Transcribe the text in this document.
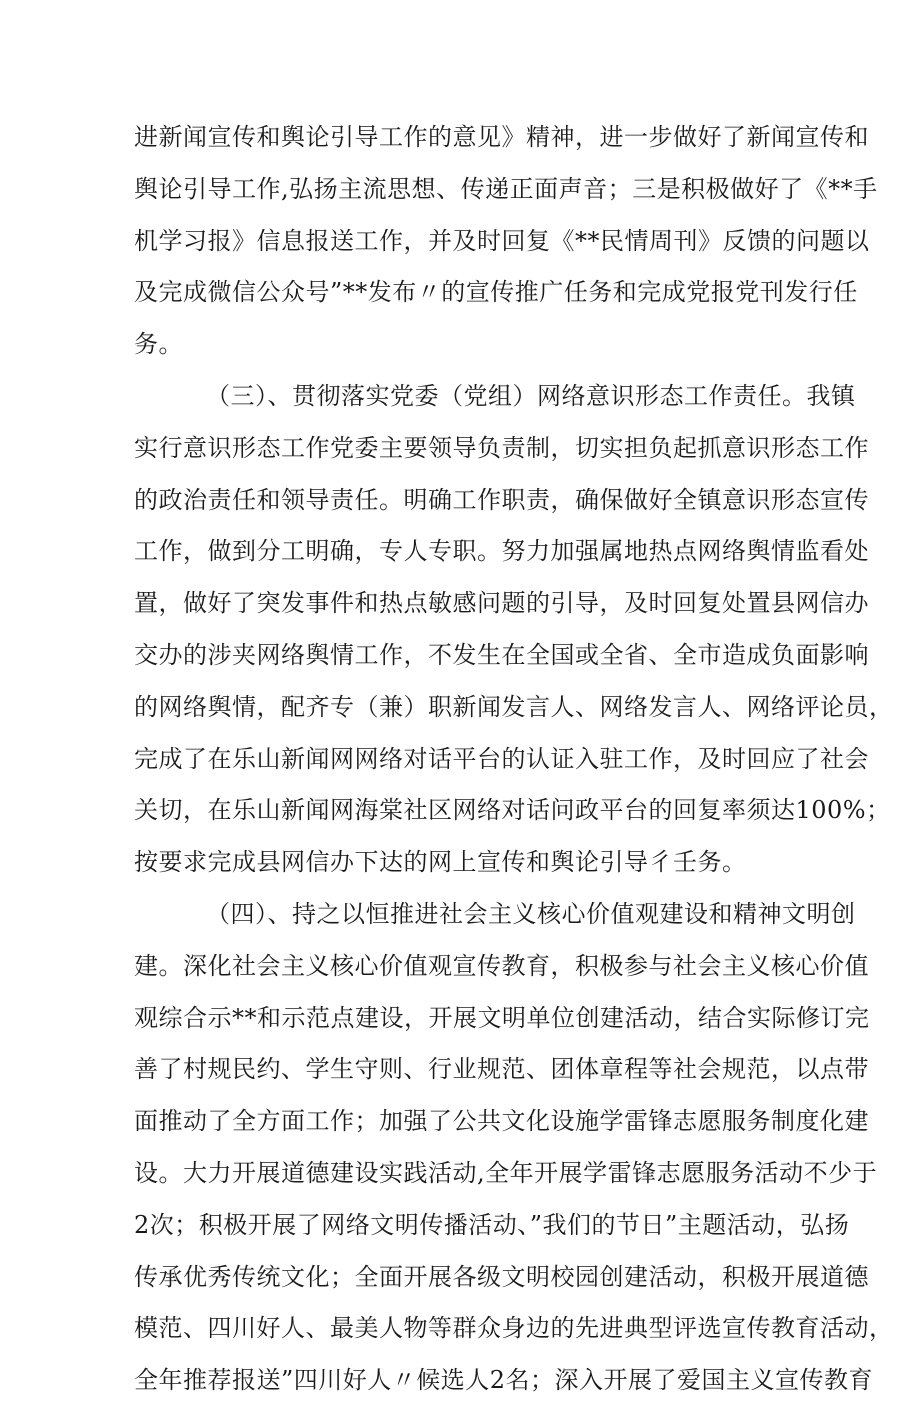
进新闻宣传和舆论引导工作的意见》精神，进一步做好了新闻宣传和
舆论引导工作,弘扬主流思想、传递正面声音；三是积极做好了《**手
机学习报》信息报送工作，并及时回复《**民情周刊》反馈的问题以
及完成微信公众号”**发布〃的宣传推广任务和完成党报党刊发行任
务。

（三）、贯彻落实党委（党组）网络意识形态工作责任。我镇
实行意识形态工作党委主要领导负责制，切实担负起抓意识形态工作
的政治责任和领导责任。明确工作职责，确保做好全镇意识形态宣传
工作，做到分工明确，专人专职。努力加强属地热点网络舆情监看处
置，做好了突发事件和热点敏感问题的引导，及时回复处置县网信办
交办的涉夹网络舆情工作，不发生在全国或全省、全市造成负面影响
的网络舆情，配齐专（兼）职新闻发言人、网络发言人、网络评论员，
完成了在乐山新闻网网络对话平台的认证入驻工作，及时回应了社会
关切，在乐山新闻网海棠社区网络对话问政平台的回复率须达100%；
按要求完成县网信办下达的网上宣传和舆论引导彳壬务。

（四）、持之以恒推进社会主义核心价值观建设和精神文明创
建。深化社会主义核心价值观宣传教育，积极参与社会主义核心价值
观综合示**和示范点建设，开展文明单位创建活动，结合实际修订完
善了村规民约、学生守则、行业规范、团体章程等社会规范，以点带
面推动了全方面工作；加强了公共文化设施学雷锋志愿服务制度化建
设。大力开展道德建设实践活动,全年开展学雷锋志愿服务活动不少于
2次；积极开展了网络文明传播活动、”我们的节日”主题活动，弘扬
传承优秀传统文化；全面开展各级文明校园创建活动，积极开展道德
模范、四川好人、最美人物等群众身边的先进典型评选宣传教育活动，
全年推荐报送”四川好人〃候选人2名；深入开展了爱国主义宣传教育
